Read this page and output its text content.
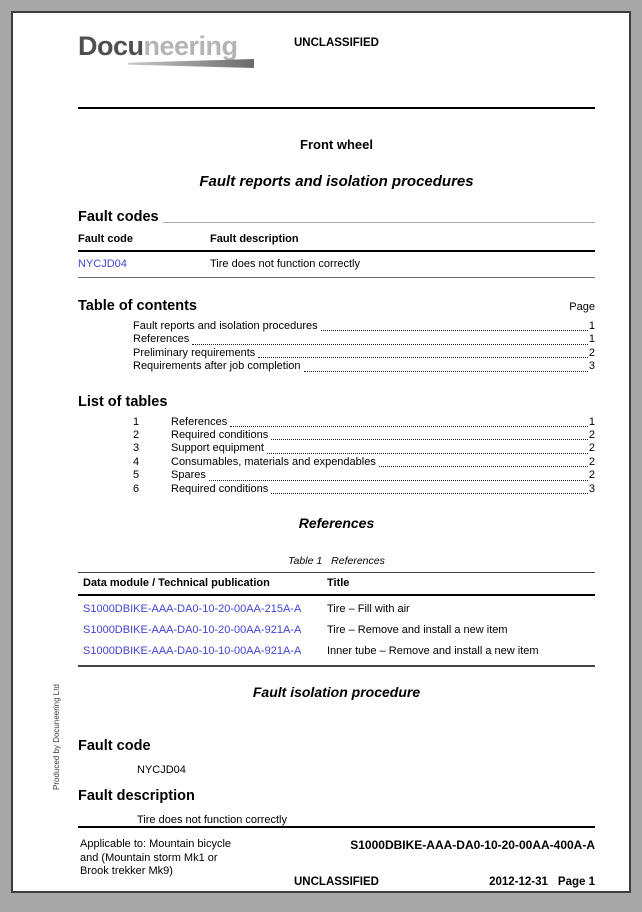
Docuneering	UNCLASSIFIED
Front wheel
Fault reports and isolation procedures
Fault codes
Fault code	Fault description
NYCJD04	Tire does not function correctly
Table of contents	Page
Fault reports and isolation procedures	1
References	1
Preliminary requirements	2
Requirements after job completion	3
List of tables
1	References	1
2	Required conditions	2
3	Support equipment	2
4	Consumables, materials and expendables	2
5	Spares	2
6	Required conditions	3
References
Table 1 References
Data module / Technical publication	Title
S1000DBIKE-AAA-DA0-10-20-00AA-215A-A	Tire – Fill with air
S1000DBIKE-AAA-DA0-10-20-00AA-921A-A	Tire – Remove and install a new item
S1000DBIKE-AAA-DA0-10-10-00AA-921A-A	Inner tube – Remove and install a new item
Fault isolation procedure
Fault code
NYCJD04
Fault description
Tire does not function correctly
Applicable to: Mountain bicycle
and (Mountain storm Mk1 or
Brook trekker Mk9)
S1000DBIKE-AAA-DA0-10-20-00AA-400A-A
UNCLASSIFIED	2012-12-31 Page 1
Produced by Docuneering Ltd
